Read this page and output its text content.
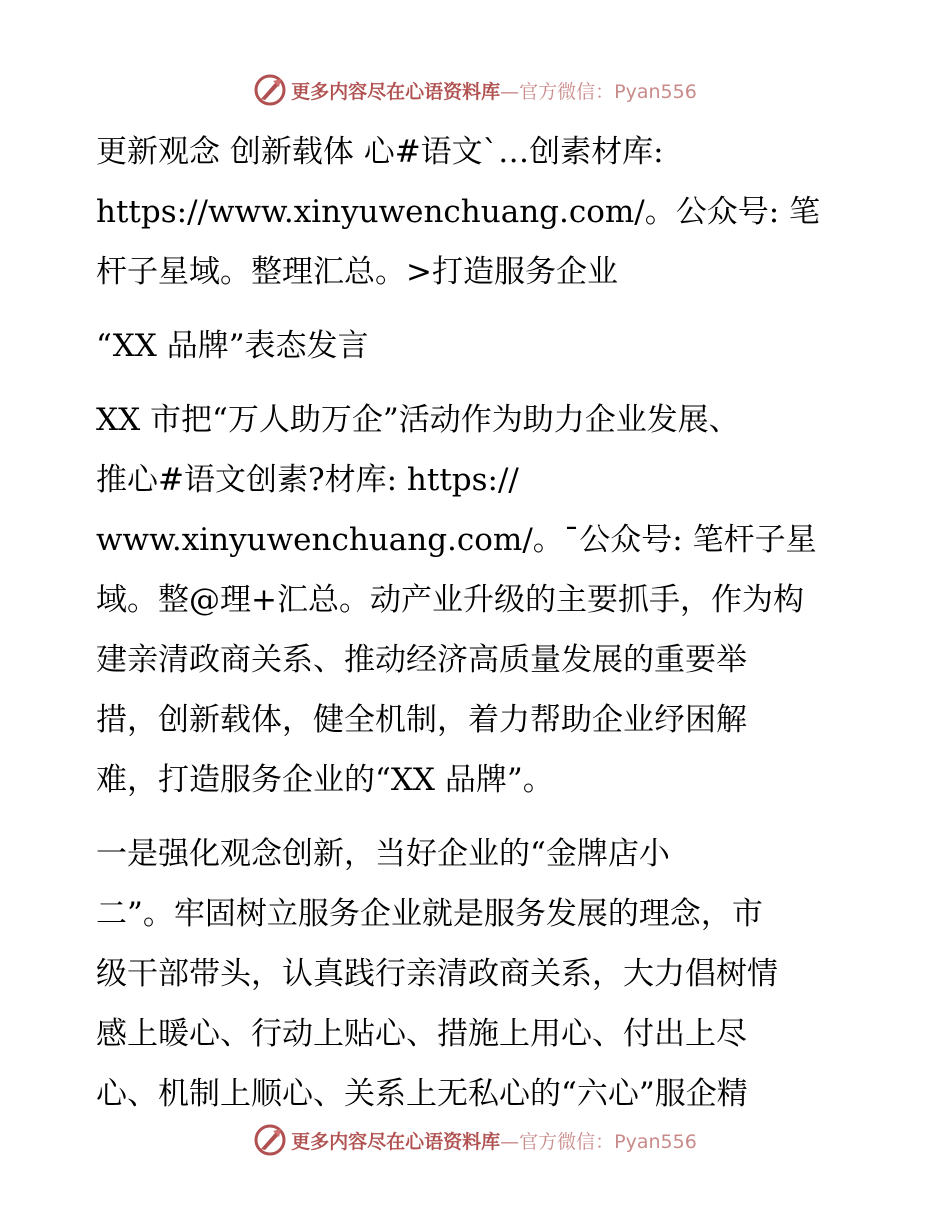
更多内容尽在心语资料库—官方微信：Pyan556
更新观念 创新载体 心#语文`…创素材库:
https://www.xinyuwenchuang.com/。公众号: 笔
杆子星域。整理汇总。>打造服务企业
“XX 品牌”表态发言
XX 市把“万人助万企”活动作为助力企业发展、
推心#语文创素?材库: https://
www.xinyuwenchuang.com/。¯公众号: 笔杆子星
域。整@理+汇总。动产业升级的主要抓手，作为构
建亲清政商关系、推动经济高质量发展的重要举
措，创新载体，健全机制，着力帮助企业纾困解
难，打造服务企业的“XX 品牌”。
一是强化观念创新，当好企业的“金牌店小
二”。牢固树立服务企业就是服务发展的理念，市
级干部带头，认真践行亲清政商关系，大力倡树情
感上暖心、行动上贴心、措施上用心、付出上尽
心、机制上顺心、关系上无私心的“六心”服企精
更多内容尽在心语资料库—官方微信：Pyan556
